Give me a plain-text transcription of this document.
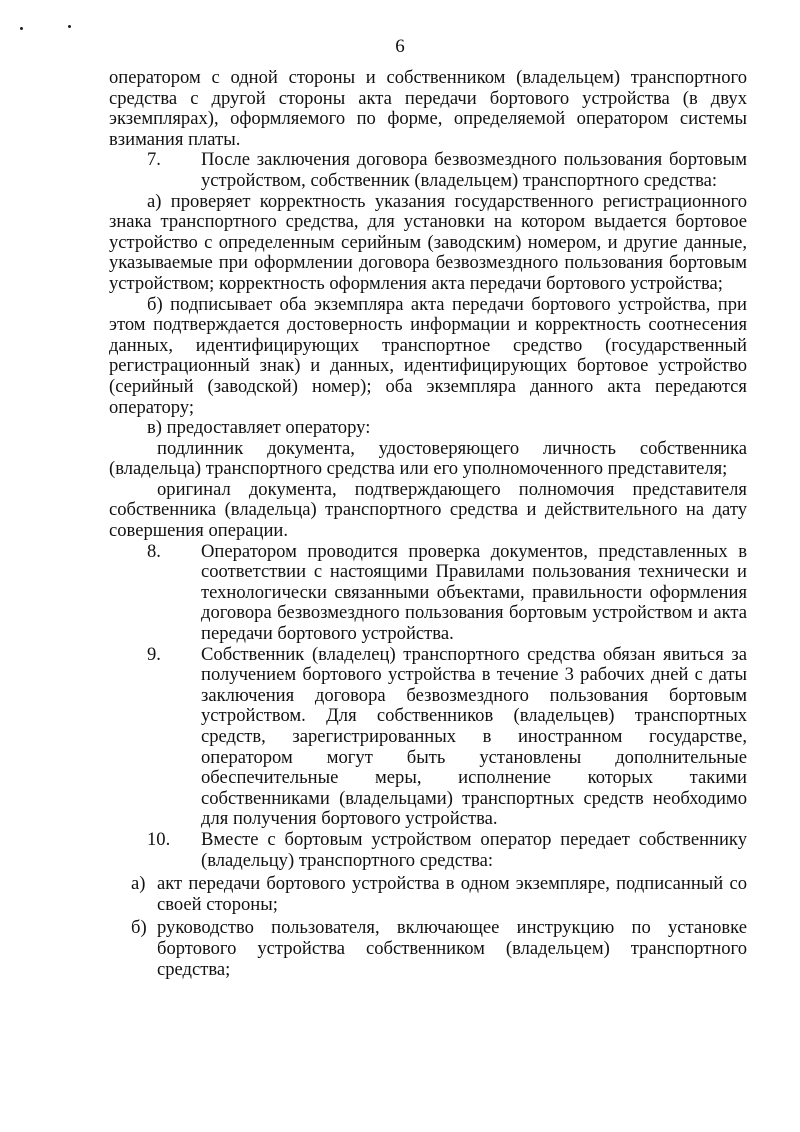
6

оператором с одной стороны и собственником (владельцем) транспортного средства с другой стороны акта передачи бортового устройства (в двух экземплярах), оформляемого по форме, определяемой оператором системы взимания платы.

7.	После заключения договора безвозмездного пользования бортовым устройством, собственник (владельцем) транспортного средства:

а) проверяет корректность указания государственного регистрационного знака транспортного средства, для установки на котором выдается бортовое устройство с определенным серийным (заводским) номером, и другие данные, указываемые при оформлении договора безвозмездного пользования бортовым устройством; корректность оформления акта передачи бортового устройства;

б) подписывает оба экземпляра акта передачи бортового устройства, при этом подтверждается достоверность информации и корректность соотнесения данных, идентифицирующих транспортное средство (государственный регистрационный знак) и данных, идентифицирующих бортовое устройство (серийный (заводской) номер); оба экземпляра данного акта передаются оператору;

в) предоставляет оператору:

подлинник документа, удостоверяющего личность собственника (владельца) транспортного средства или его уполномоченного представителя;

оригинал документа, подтверждающего полномочия представителя собственника (владельца) транспортного средства и действительного на дату совершения операции.

8.	Оператором проводится проверка документов, представленных в соответствии с настоящими Правилами пользования технически и технологически связанными объектами, правильности оформления договора безвозмездного пользования бортовым устройством и акта передачи бортового устройства.
9.	Собственник (владелец) транспортного средства обязан явиться за получением бортового устройства в течение 3 рабочих дней с даты заключения договора безвозмездного пользования бортовым устройством. Для собственников (владельцев) транспортных средств, зарегистрированных в иностранном государстве, оператором могут быть установлены дополнительные обеспечительные меры, исполнение которых такими собственниками (владельцами) транспортных средств необходимо для получения бортового устройства.
10.	Вместе с бортовым устройством оператор передает собственнику (владельцу) транспортного средства:
а) акт передачи бортового устройства в одном экземпляре, подписанный со своей стороны;
б) руководство пользователя, включающее инструкцию по установке бортового устройства собственником (владельцем) транспортного средства;
